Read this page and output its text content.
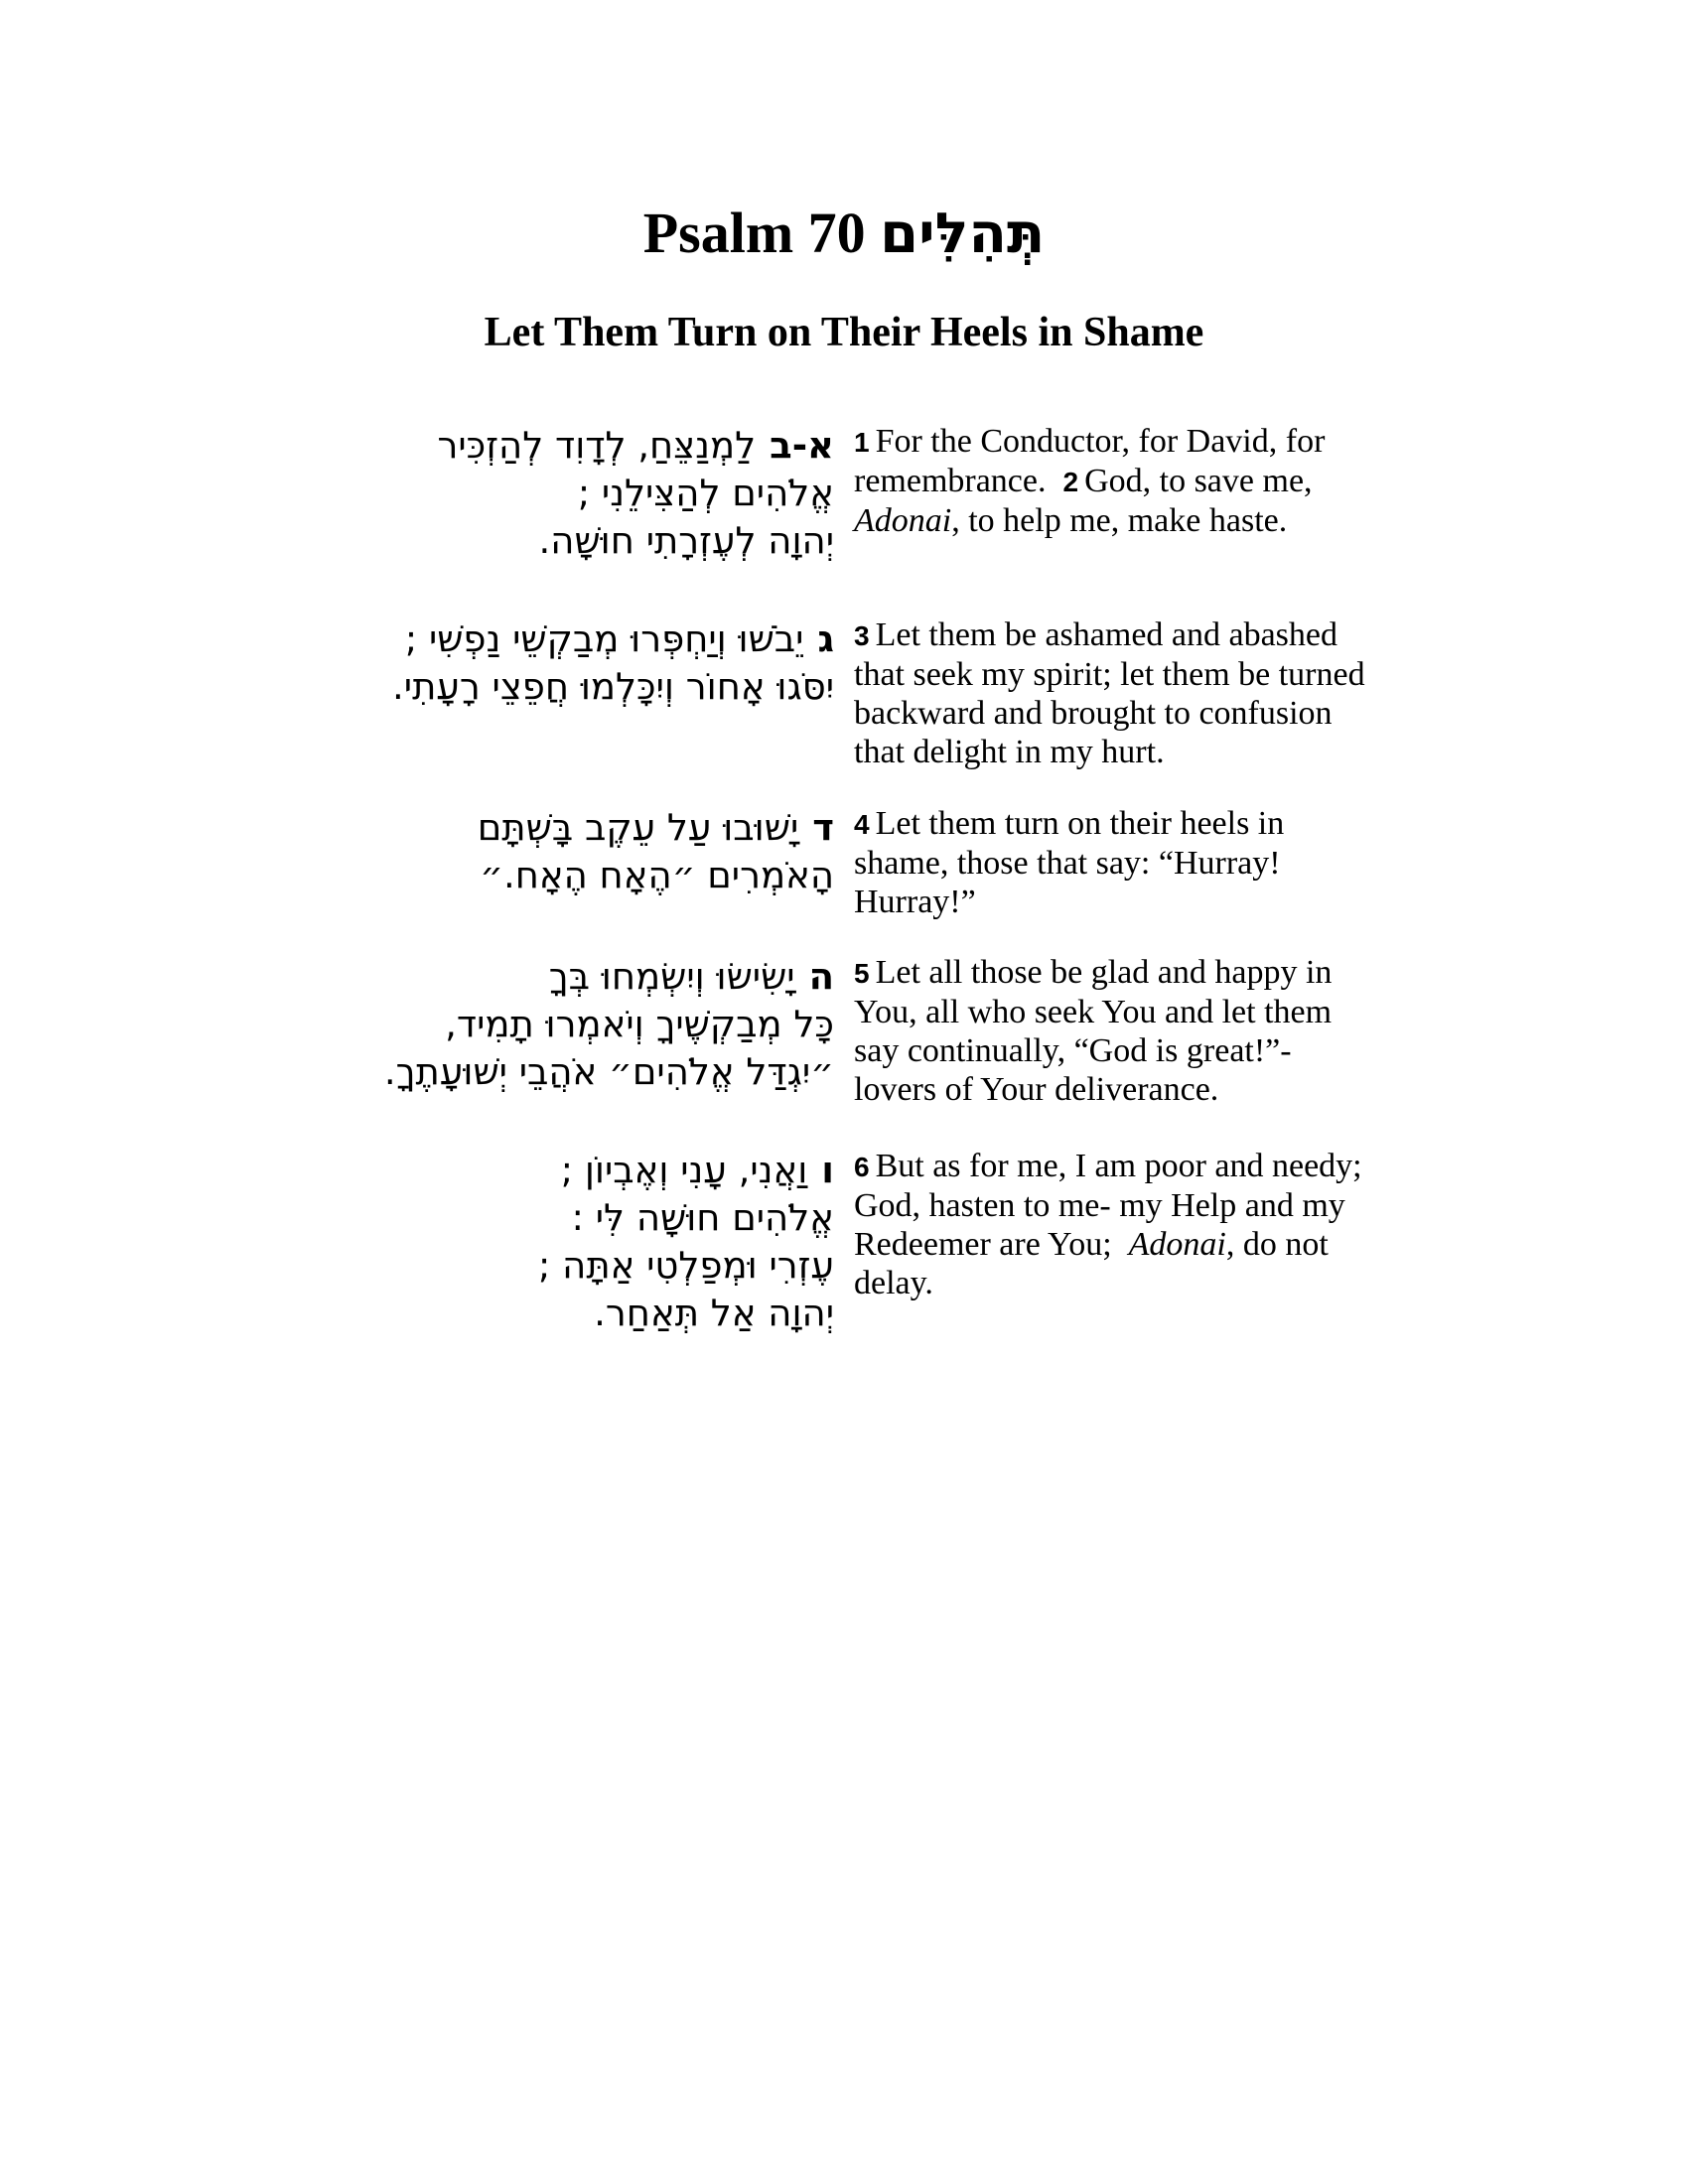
Psalm 70 תְּהִלִּים
Let Them Turn on Their Heels in Shame
א-בלַמְנַצֵּחַ, לְדָוִד לְהַזְכִּיר
אֱלֹהִים לְהַצִּילֵנִי ;
יְהוָה לְעֶזְרָתִי חוּשָׁה.
1 For the Conductor, for David, for
remembrance. 2 God, to save me,
Adonai, to help me, make haste.
גיֵבֹשׁוּ וְיַחְפְּרוּ מְבַקְשֵׁי נַפְשִׁי ;
יִסֹּגוּ אָחוֹר וְיִכָּלְמוּ חֲפֵצֵי רָעָתִי.
3 Let them be ashamed and abashed
that seek my spirit; let them be turned
backward and brought to confusion
that delight in my hurt.
דיָשׁוּבוּ עַל עֵקֶב בָּשְׁתָּם
הָאֹמְרִים ״הֶאָח הֶאָח.״
4 Let them turn on their heels in
shame, those that say: “Hurray!
Hurray!”
היָשִׂישׂוּ וְיִשְׂמְחוּ בְּךָ
כָּל מְבַקְשֶׁיךָ וְיֹאמְרוּ תָמִיד,
״יִגְדַּל אֱלֹהִים״ אֹהֲבֵי יְשׁוּעָתֶךָ.
5 Let all those be glad and happy in
You, all who seek You and let them
say continually, “God is great!”-
lovers of Your deliverance.
ווַאֲנִי, עָנִי וְאֶבְיוֹן ;
אֱלֹהִים חוּשָׁה לִּי :
עֶזְרִי וּמְפַלְטִי אַתָּה ;
יְהוָה אַל תְּאַחַר.
6 But as for me, I am poor and needy;
God, hasten to me- my Help and my
Redeemer are You; Adonai, do not
delay.
